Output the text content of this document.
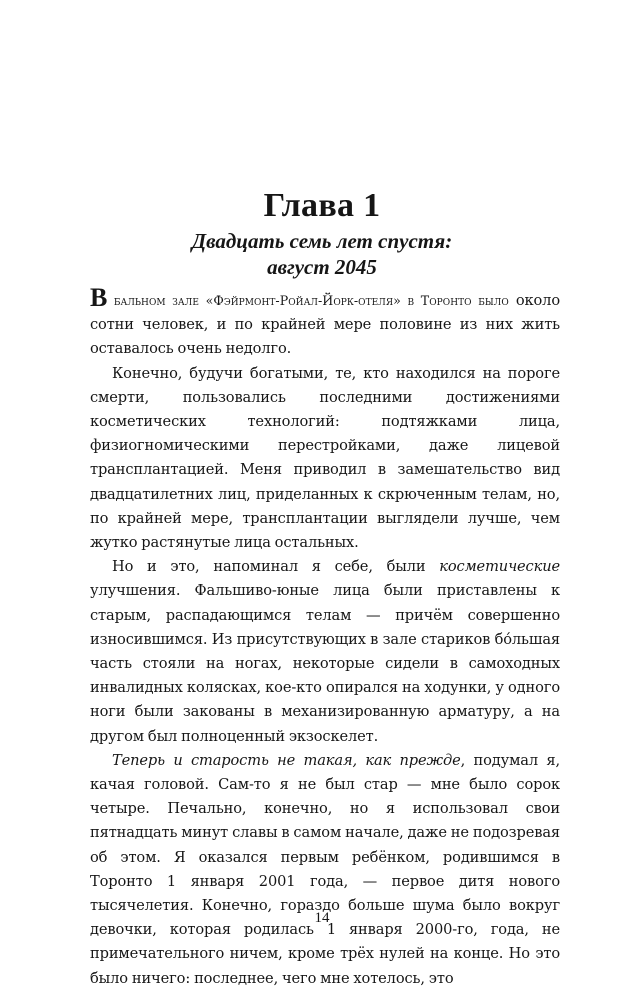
Глава 1
Двадцать семь лет спустя:
август 2045

В бальном зале «Фэйрмонт-Ройал-Йорк-отеля» в Торонто было около сотни человек, и по крайней мере половине из них жить оставалось очень недолго.

Конечно, будучи богатыми, те, кто находился на пороге смерти, пользовались последними достижениями косметических технологий: подтяжками лица, физиогномическими перестройками, даже лицевой трансплантацией. Меня приводил в замешательство вид двадцатилетних лиц, приделанных к скрюченным телам, но, по крайней мере, трансплантации выглядели лучше, чем жутко растянутые лица остальных.

Но и это, напоминал я себе, были косметические улучшения. Фальшиво-юные лица были приставлены к старым, распадающимся телам — причём совершенно износившимся. Из присутствующих в зале стариков бо́льшая часть стояли на ногах, некоторые сидели в самоходных инвалидных колясках, кое-кто опирался на ходунки, у одного ноги были закованы в механизированную арматуру, а на другом был полноценный экзоскелет.

Теперь и старость не такая, как прежде, подумал я, качая головой. Сам-то я не был стар — мне было сорок четыре. Печально, конечно, но я использовал свои пятнадцать минут славы в самом начале, даже не подозревая об этом. Я оказался первым ребёнком, родившимся в Торонто 1 января 2001 года, — первое дитя нового тысячелетия. Конечно, гораздо больше шума было вокруг девочки, которая родилась 1 января 2000-го, года, не примечательного ничем, кроме трёх нулей на конце. Но это было ничего: последнее, чего мне хотелось, это

14
